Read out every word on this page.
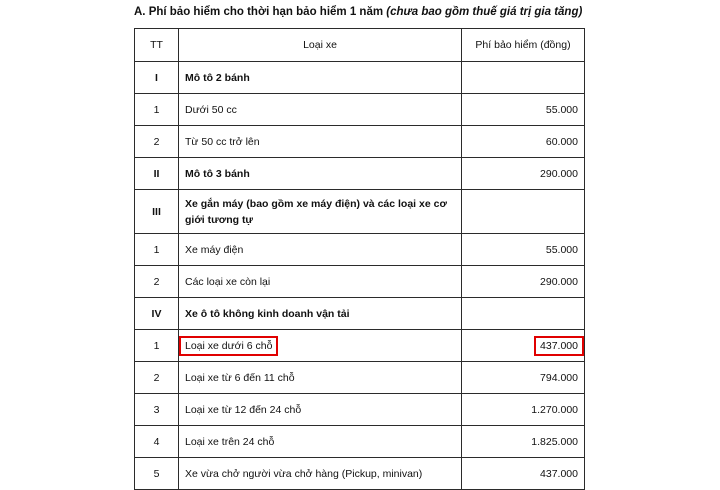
A. Phí bảo hiểm cho thời hạn bảo hiểm 1 năm (chưa bao gồm thuế giá trị gia tăng)
TT	Loại xe	Phí bảo hiểm (đồng)
I	Mô tô 2 bánh	
1	Dưới 50 cc	55.000
2	Từ 50 cc trở lên	60.000
II	Mô tô 3 bánh	290.000
III	Xe gắn máy (bao gồm xe máy điện) và các loại xe cơ giới tương tự	
1	Xe máy điện	55.000
2	Các loại xe còn lại	290.000
IV	Xe ô tô không kinh doanh vận tải	
1	Loại xe dưới 6 chỗ	437.000
2	Loại xe từ 6 đến 11 chỗ	794.000
3	Loại xe từ 12 đến 24 chỗ	1.270.000
4	Loại xe trên 24 chỗ	1.825.000
5	Xe vừa chở người vừa chở hàng (Pickup, minivan)	437.000
